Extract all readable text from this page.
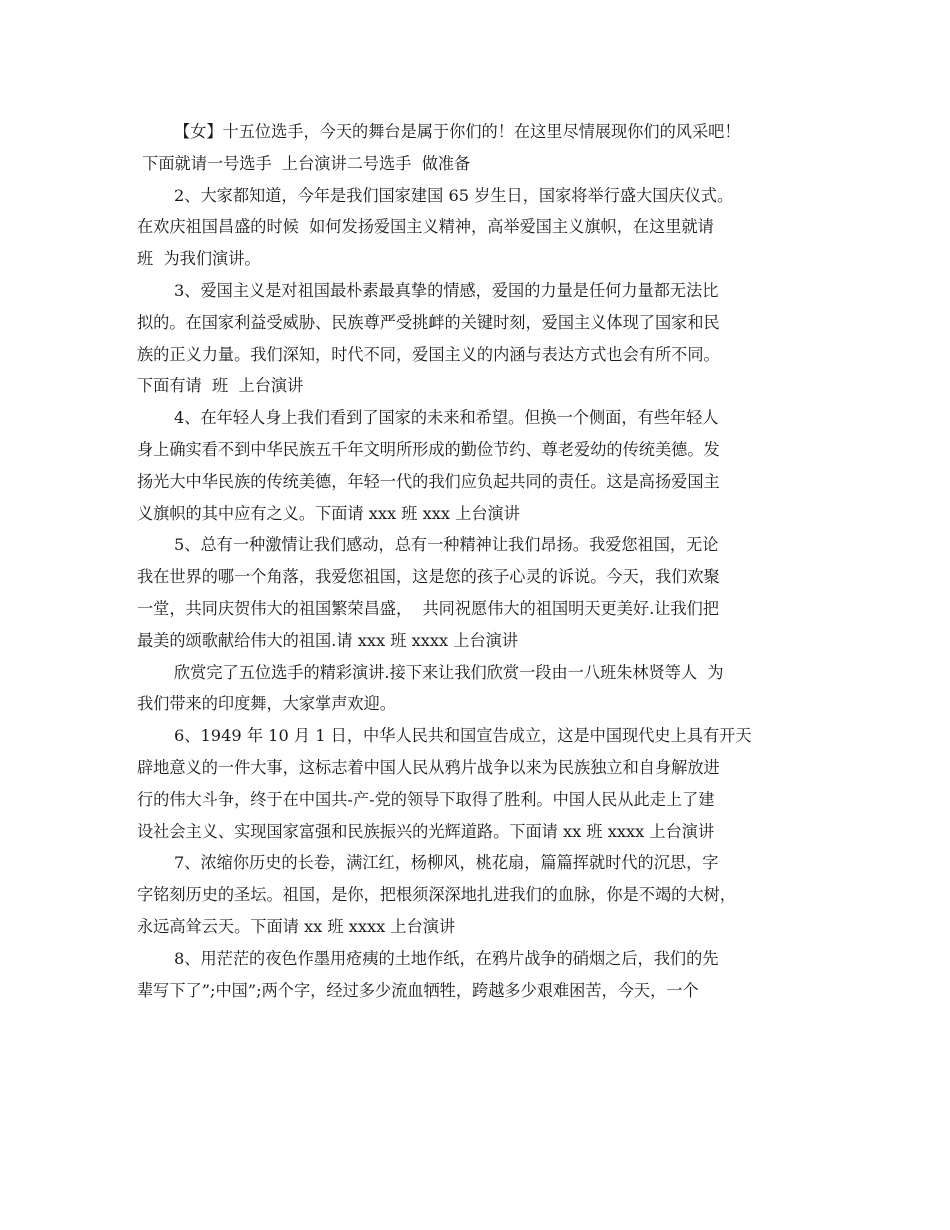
【女】十五位选手，今天的舞台是属于你们的！在这里尽情展现你们的风采吧！
下面就请一号选手  上台演讲二号选手  做准备
2、大家都知道，今年是我们国家建国 65 岁生日，国家将举行盛大国庆仪式。
在欢庆祖国昌盛的时候  如何发扬爱国主义精神，高举爱国主义旗帜，在这里就请
班  为我们演讲。
3、爱国主义是对祖国最朴素最真挚的情感，爱国的力量是任何力量都无法比
拟的。在国家利益受威胁、民族尊严受挑衅的关键时刻，爱国主义体现了国家和民
族的正义力量。我们深知，时代不同，爱国主义的内涵与表达方式也会有所不同。
下面有请  班  上台演讲
4、在年轻人身上我们看到了国家的未来和希望。但换一个侧面，有些年轻人
身上确实看不到中华民族五千年文明所形成的勤俭节约、尊老爱幼的传统美德。发
扬光大中华民族的传统美德，年轻一代的我们应负起共同的责任。这是高扬爱国主
义旗帜的其中应有之义。下面请 xxx 班 xxx 上台演讲
5、总有一种激情让我们感动，总有一种精神让我们昂扬。我爱您祖国，无论
我在世界的哪一个角落，我爱您祖国，这是您的孩子心灵的诉说。今天，我们欢聚
一堂，共同庆贺伟大的祖国繁荣昌盛，  共同祝愿伟大的祖国明天更美好.让我们把
最美的颂歌献给伟大的祖国.请 xxx 班 xxxx 上台演讲
欣赏完了五位选手的精彩演讲.接下来让我们欣赏一段由一八班朱林贤等人  为
我们带来的印度舞，大家掌声欢迎。
6、1949 年 10 月 1 日，中华人民共和国宣告成立，这是中国现代史上具有开天
辟地意义的一件大事，这标志着中国人民从鸦片战争以来为民族独立和自身解放进
行的伟大斗争，终于在中国共-产-党的领导下取得了胜利。中国人民从此走上了建
设社会主义、实现国家富强和民族振兴的光辉道路。下面请 xx 班 xxxx 上台演讲
7、浓缩你历史的长卷，满江红，杨柳风，桃花扇，篇篇挥就时代的沉思，字
字铭刻历史的圣坛。祖国，是你，把根须深深地扎进我们的血脉，你是不竭的大树，
永远高耸云天。下面请 xx 班 xxxx 上台演讲
8、用茫茫的夜色作墨用疮痍的土地作纸，在鸦片战争的硝烟之后，我们的先
辈写下了”;中国”;两个字，经过多少流血牺牲，跨越多少艰难困苦，今天，一个
